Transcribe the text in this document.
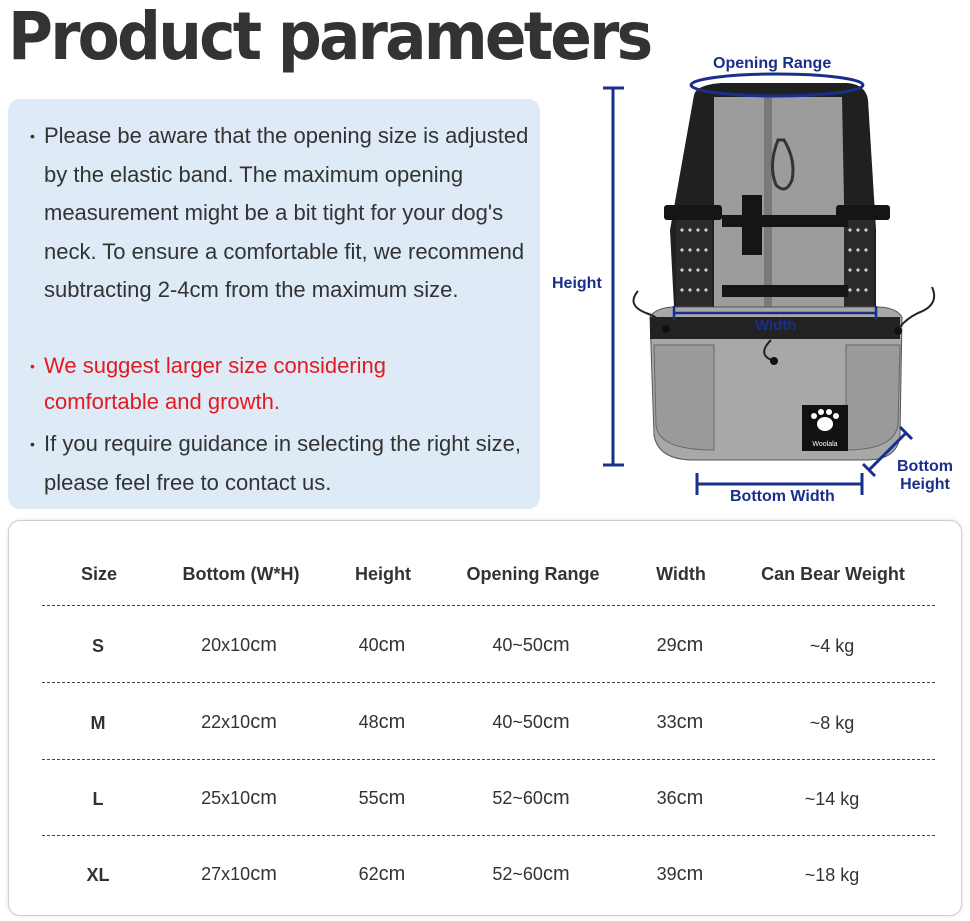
Product parameters
• Please be aware that the opening size is adjusted by the elastic band. The maximum opening measurement might be a bit tight for your dog's neck. To ensure a comfortable fit, we recommend subtracting 2-4cm from the maximum size.
• We suggest larger size considering comfortable and growth.
• If you require guidance in selecting the right size, please feel free to contact us.
Woolala
Opening Range
Height
Width
Bottom Width
Bottom
Height
Size	Bottom (W*H)	Height	Opening Range	Width	Can Bear Weight
S	20x10cm	40cm	40~50cm	29cm	~4 kg
M	22x10cm	48cm	40~50cm	33cm	~8 kg
L	25x10cm	55cm	52~60cm	36cm	~14 kg
XL	27x10cm	62cm	52~60cm	39cm	~18 kg
